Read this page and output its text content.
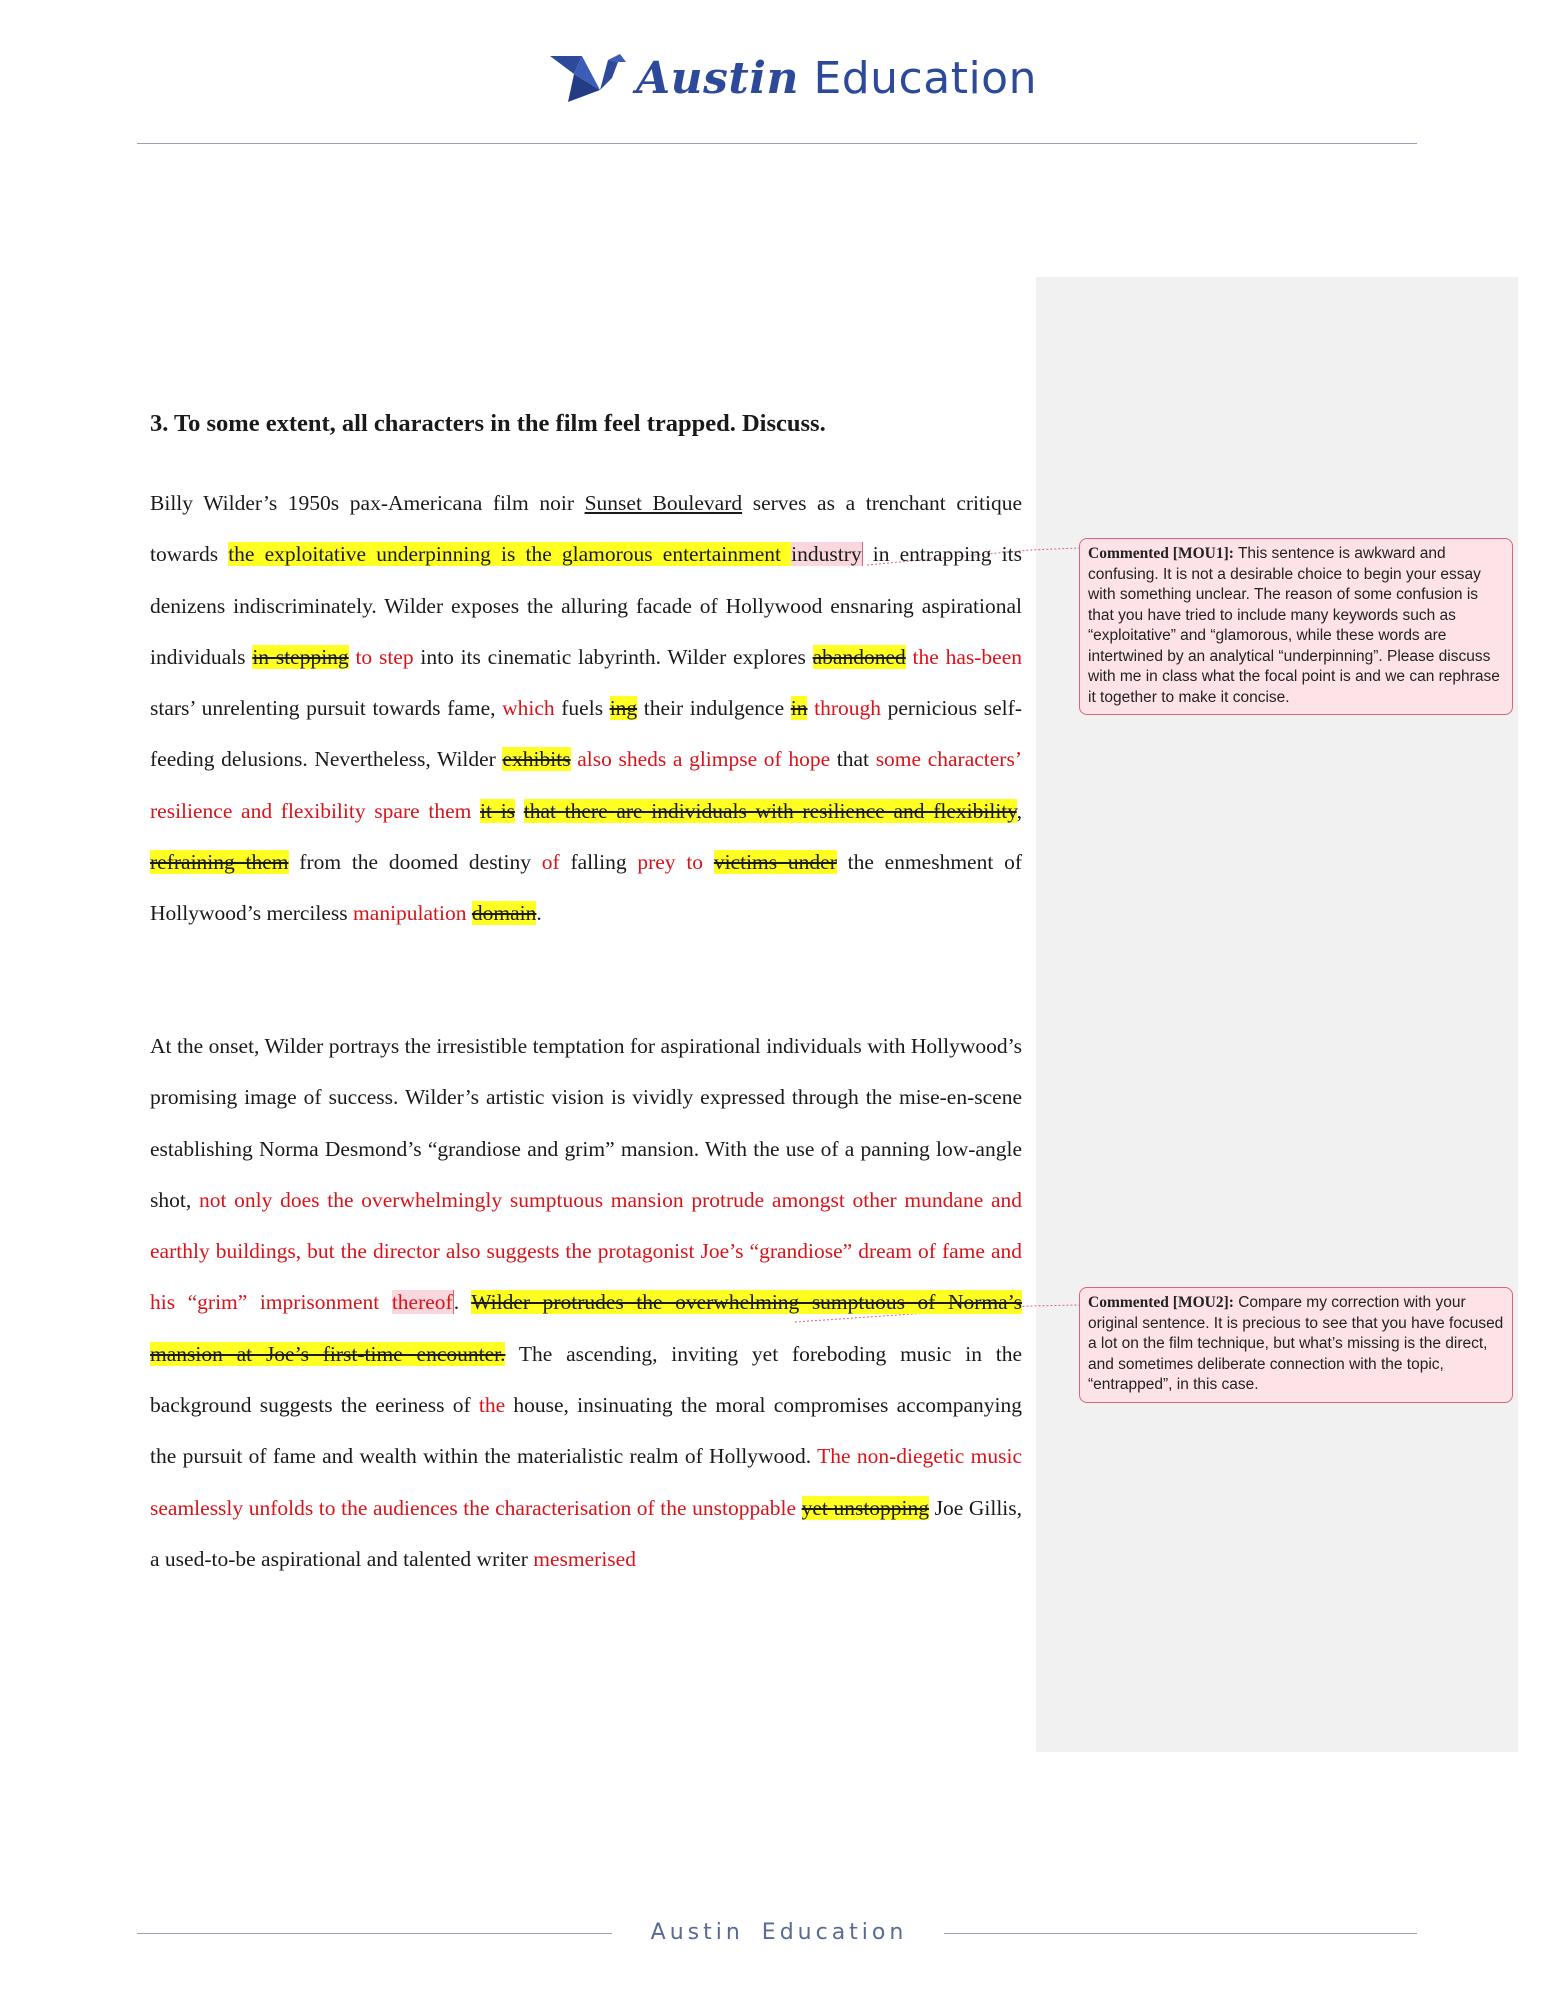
Austin Education
Commented [MOU1]: This sentence is awkward and confusing. It is not a desirable choice to begin your essay with something unclear. The reason of some confusion is that you have tried to include many keywords such as “exploitative” and “glamorous, while these words are intertwined by an analytical “underpinning”. Please discuss with me in class what the focal point is and we can rephrase it together to make it concise.
Commented [MOU2]: Compare my correction with your original sentence. It is precious to see that you have focused a lot on the film technique, but what’s missing is the direct, and sometimes deliberate connection with the topic, “entrapped”, in this case.
3. To some extent, all characters in the film feel trapped. Discuss.

Billy Wilder’s 1950s pax-Americana film noir Sunset Boulevard serves as a trenchant critique towards the exploitative underpinning is the glamorous entertainment industry in entrapping its denizens indiscriminately. Wilder exposes the alluring facade of Hollywood ensnaring aspirational individuals in stepping to step into its cinematic labyrinth. Wilder explores abandoned the has-been stars’ unrelenting pursuit towards fame, which fuels ing their indulgence in through pernicious self-feeding delusions. Nevertheless, Wilder exhibits also sheds a glimpse of hope that some characters’ resilience and flexibility spare them it is that there are individuals with resilience and flexibility, refraining them from the doomed destiny of falling prey to victims under the enmeshment of Hollywood’s merciless manipulation domain.

At the onset, Wilder portrays the irresistible temptation for aspirational individuals with Hollywood’s promising image of success. Wilder’s artistic vision is vividly expressed through the mise-en-scene establishing Norma Desmond’s “grandiose and grim” mansion. With the use of a panning low-angle shot, not only does the overwhelmingly sumptuous mansion protrude amongst other mundane and earthly buildings, but the director also suggests the protagonist Joe’s “grandiose” dream of fame and his “grim” imprisonment thereof. Wilder protrudes the overwhelming sumptuous of Norma’s mansion at Joe’s first-time encounter. The ascending, inviting yet foreboding music in the background suggests the eeriness of the house, insinuating the moral compromises accompanying the pursuit of fame and wealth within the materialistic realm of Hollywood. The non-diegetic music seamlessly unfolds to the audiences the characterisation of the unstoppable yet unstopping Joe Gillis, a used-to-be aspirational and talented writer mesmerised

Austin Education
